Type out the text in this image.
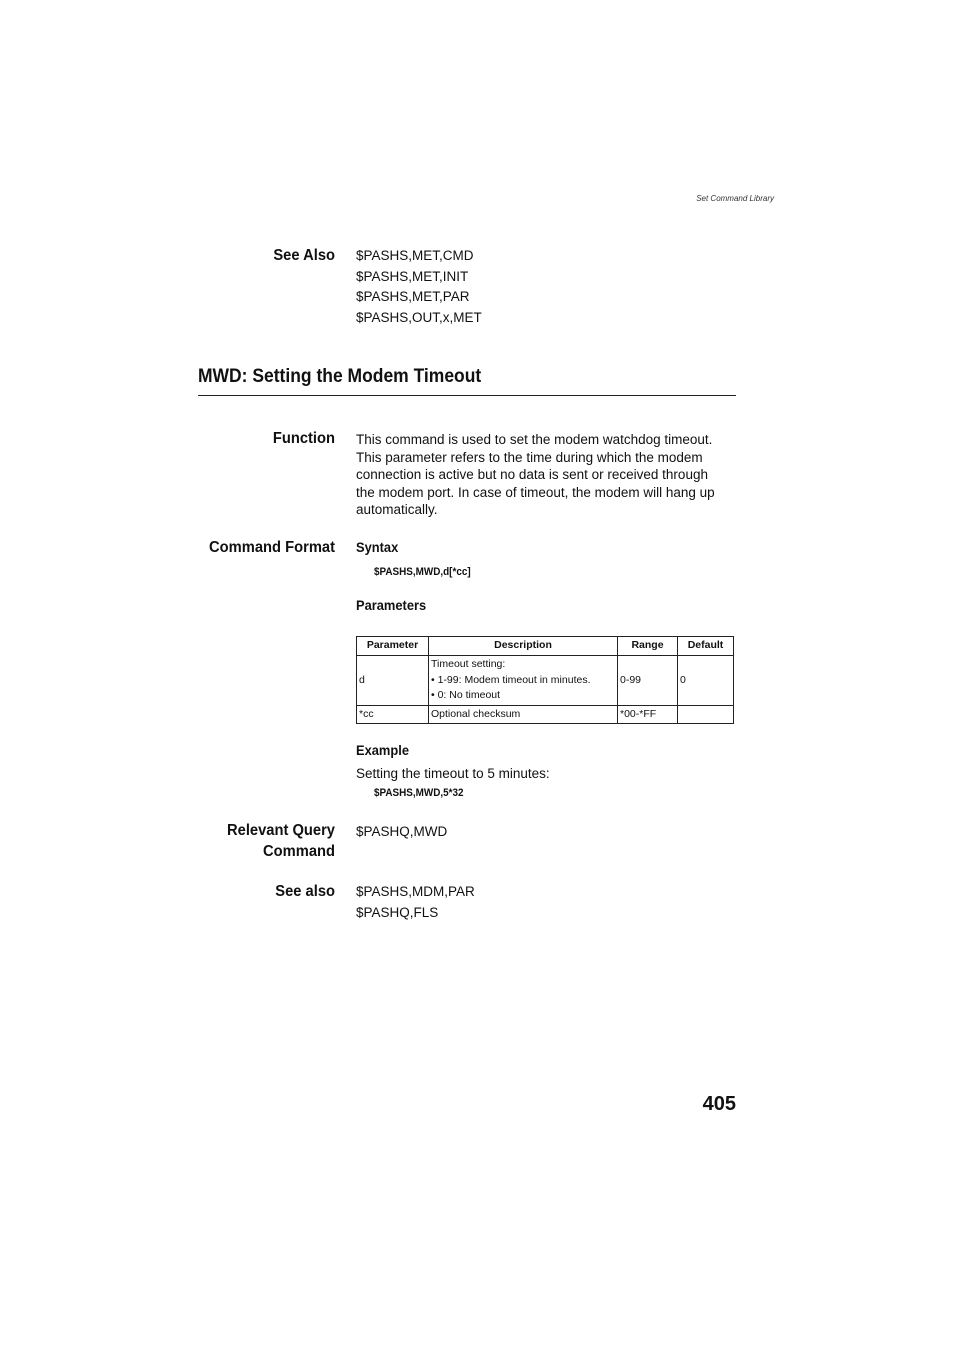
Set Command Library
See Also $PASHS,MET,CMD
$PASHS,MET,INIT
$PASHS,MET,PAR
$PASHS,OUT,x,MET
MWD: Setting the Modem Timeout
Function This command is used to set the modem watchdog timeout.
This parameter refers to the time during which the modem
connection is active but no data is sent or received through
the modem port. In case of timeout, the modem will hang up
automatically.
Command Format Syntax
$PASHS,MWD,d[*cc]
Parameters
Parameter	Description	Range	Default
d	Timeout setting:
• 1-99: Modem timeout in minutes.
• 0: No timeout	0-99	0
*cc	Optional checksum	*00-*FF	
Example
Setting the timeout to 5 minutes:
$PASHS,MWD,5*32
Relevant Query
Command
$PASHQ,MWD
See also $PASHS,MDM,PAR
$PASHQ,FLS
405
